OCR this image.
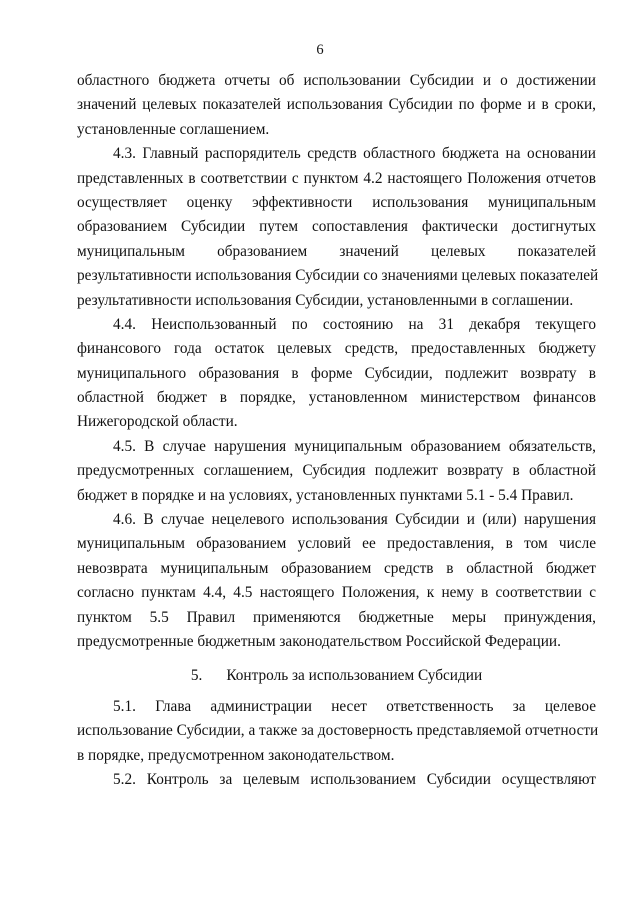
6
областного бюджета отчеты об использовании Субсидии и о достижении
значений целевых показателей использования Субсидии по форме и в сроки,
установленные соглашением.
4.3. Главный распорядитель средств областного бюджета на основании
представленных в соответствии с пунктом 4.2 настоящего Положения отчетов
осуществляет оценку эффективности использования муниципальным
образованием Субсидии путем сопоставления фактически достигнутых
муниципальным образованием значений целевых показателей
результативности использования Субсидии со значениями целевых показателей
результативности использования Субсидии, установленными в соглашении.
4.4. Неиспользованный по состоянию на 31 декабря текущего
финансового года остаток целевых средств, предоставленных бюджету
муниципального образования в форме Субсидии, подлежит возврату в
областной бюджет в порядке, установленном министерством финансов
Нижегородской области.
4.5. В случае нарушения муниципальным образованием обязательств,
предусмотренных соглашением, Субсидия подлежит возврату в областной
бюджет в порядке и на условиях, установленных пунктами 5.1 - 5.4 Правил.
4.6. В случае нецелевого использования Субсидии и (или) нарушения
муниципальным образованием условий ее предоставления, в том числе
невозврата муниципальным образованием средств в областной бюджет
согласно пунктам 4.4, 4.5 настоящего Положения, к нему в соответствии с
пунктом 5.5 Правил применяются бюджетные меры принуждения,
предусмотренные бюджетным законодательством Российской Федерации.
5. Контроль за использованием Субсидии
5.1. Глава администрации несет ответственность за целевое
использование Субсидии, а также за достоверность представляемой отчетности
в порядке, предусмотренном законодательством.
5.2. Контроль за целевым использованием Субсидии осуществляют
